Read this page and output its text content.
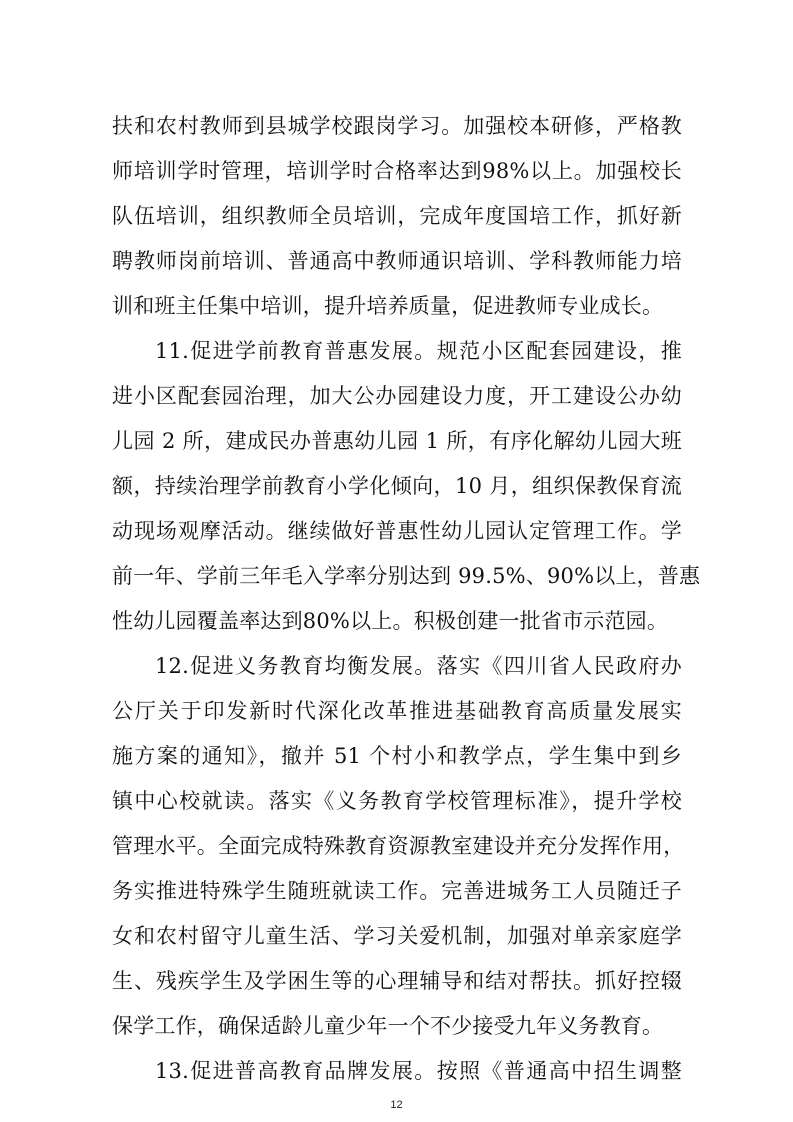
扶和农村教师到县城学校跟岗学习。加强校本研修，严格教
师培训学时管理，培训学时合格率达到98%以上。加强校长
队伍培训，组织教师全员培训，完成年度国培工作，抓好新
聘教师岗前培训、普通高中教师通识培训、学科教师能力培
训和班主任集中培训，提升培养质量，促进教师专业成长。
11.促进学前教育普惠发展。规范小区配套园建设，推
进小区配套园治理，加大公办园建设力度，开工建设公办幼
儿园 2 所，建成民办普惠幼儿园 1 所，有序化解幼儿园大班
额，持续治理学前教育小学化倾向，10 月，组织保教保育流
动现场观摩活动。继续做好普惠性幼儿园认定管理工作。学
前一年、学前三年毛入学率分别达到 99.5%、90%以上，普惠
性幼儿园覆盖率达到80%以上。积极创建一批省市示范园。
12.促进义务教育均衡发展。落实《四川省人民政府办
公厅关于印发新时代深化改革推进基础教育高质量发展实
施方案的通知》，撤并 51 个村小和教学点，学生集中到乡
镇中心校就读。落实《义务教育学校管理标准》，提升学校
管理水平。全面完成特殊教育资源教室建设并充分发挥作用，
务实推进特殊学生随班就读工作。完善进城务工人员随迁子
女和农村留守儿童生活、学习关爱机制，加强对单亲家庭学
生、残疾学生及学困生等的心理辅导和结对帮扶。抓好控辍
保学工作，确保适龄儿童少年一个不少接受九年义务教育。
13.促进普高教育品牌发展。按照《普通高中招生调整
12
